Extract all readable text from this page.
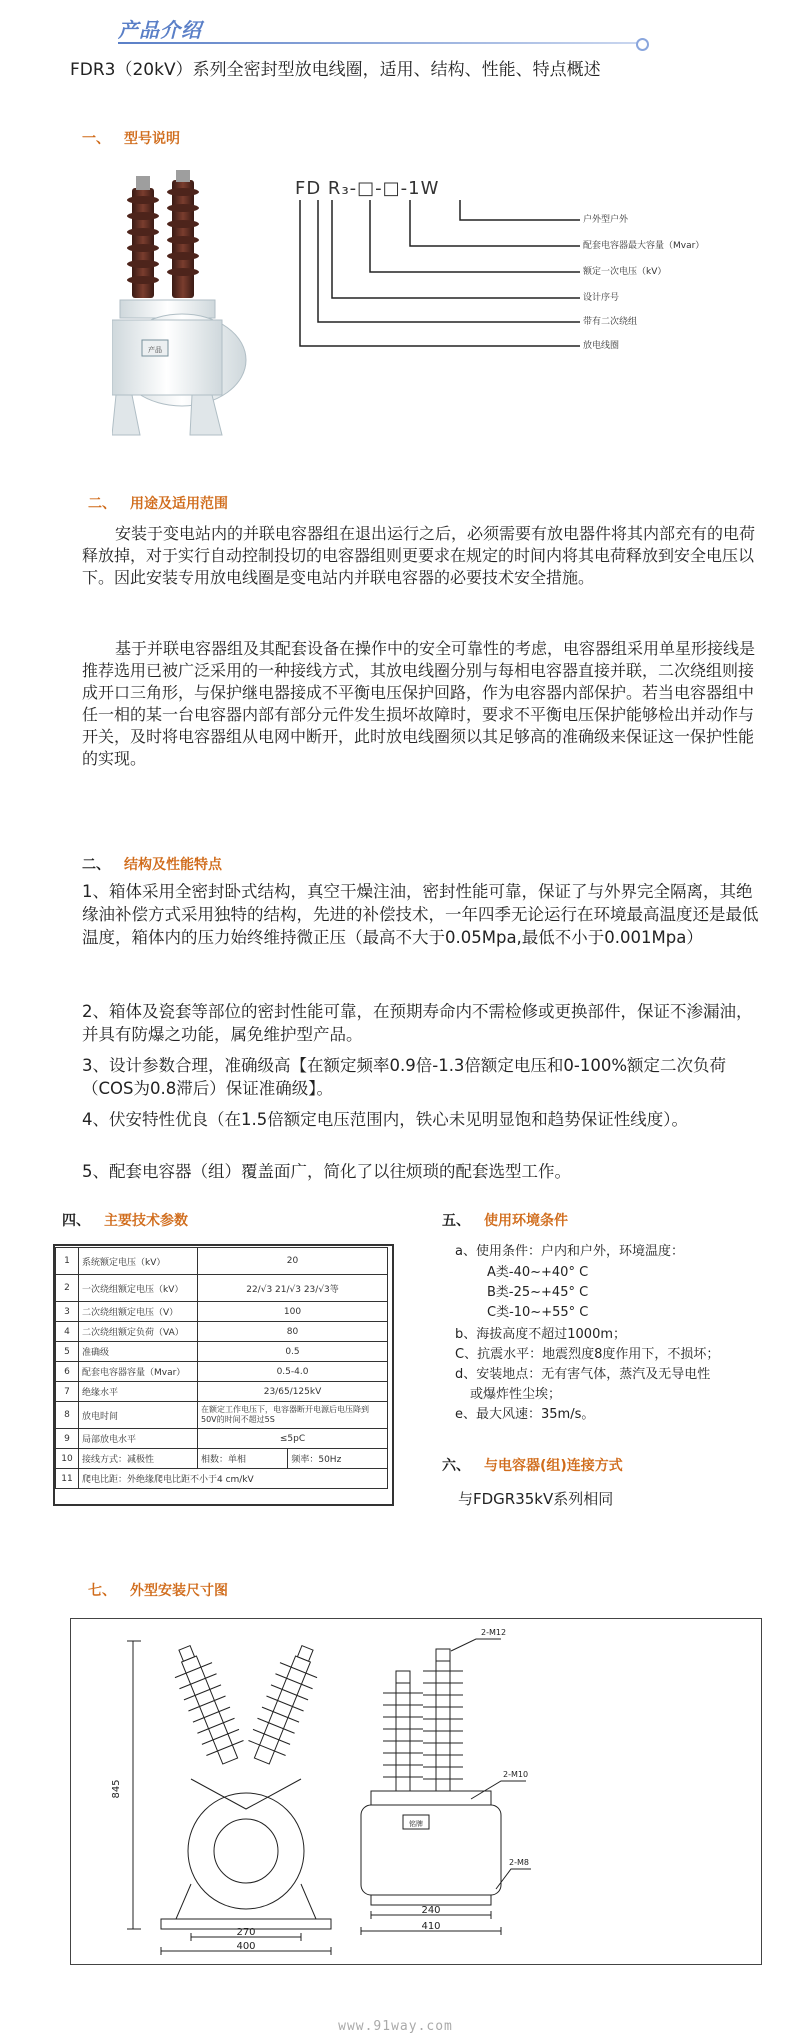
产品介绍
FDR3（20kV）系列全密封型放电线圈，适用、结构、性能、特点概述
一、 型号说明
产品
FD R₃-□-□-1W
户外型户外
配套电容器最大容量（Mvar）
额定一次电压（kV）
设计序号
带有二次绕组
放电线圈
二、 用途及适用范围
安装于变电站内的并联电容器组在退出运行之后，必须需要有放电器件将其内部充有的电荷释放掉，对于实行自动控制投切的电容器组则更要求在规定的时间内将其电荷释放到安全电压以下。因此安装专用放电线圈是变电站内并联电容器的必要技术安全措施。
基于并联电容器组及其配套设备在操作中的安全可靠性的考虑，电容器组采用单星形接线是推荐选用已被广泛采用的一种接线方式，其放电线圈分别与每相电容器直接并联，二次绕组则接成开口三角形，与保护继电器接成不平衡电压保护回路，作为电容器内部保护。若当电容器组中任一相的某一台电容器内部有部分元件发生损坏故障时，要求不平衡电压保护能够检出并动作与开关，及时将电容器组从电网中断开，此时放电线圈须以其足够高的准确级来保证这一保护性能的实现。
二、 结构及性能特点
1、箱体采用全密封卧式结构，真空干燥注油，密封性能可靠，保证了与外界完全隔离，其绝缘油补偿方式采用独特的结构，先进的补偿技术，一年四季无论运行在环境最高温度还是最低温度，箱体内的压力始终维持微正压（最高不大于0.05Mpa,最低不小于0.001Mpa）
2、箱体及瓷套等部位的密封性能可靠，在预期寿命内不需检修或更换部件，保证不渗漏油，并具有防爆之功能，属免维护型产品。
3、设计参数合理，准确级高【在额定频率0.9倍-1.3倍额定电压和0-100%额定二次负荷（COS为0.8滞后）保证准确级】。
4、伏安特性优良（在1.5倍额定电压范围内，铁心未见明显饱和趋势保证性线度）。
5、配套电容器（组）覆盖面广，简化了以往烦琐的配套选型工作。
四、 主要技术参数
1	系统额定电压（kV）	20	
2	一次绕组额定电压（kV）	22/√3 21/√3 23/√3等	
3	二次绕组额定电压（V）	100	
4	二次绕组额定负荷（VA）	80	
5	准确级	0.5	
6	配套电容器容量（Mvar）	0.5-4.0	
7	绝缘水平	23/65/125kV	
8	放电时间	在额定工作电压下，电容器断开电源后电压降到50V的时间不超过5S	
9	局部放电水平	≤5pC	
10	接线方式：减极性	相数：单相	频率：50Hz
11	爬电比距：外绝缘爬电比距不小于4 cm/kV		
五、 使用环境条件
a、使用条件：户内和户外，环境温度：
A类-40~+40° C
B类-25~+45° C
C类-10~+55° C
b、海拔高度不超过1000m；
C、抗震水平：地震烈度8度作用下，不损坏；
d、安装地点：无有害气体，蒸汽及无导电性
或爆炸性尘埃；
e、最大风速：35m/s。
六、 与电容器(组)连接方式
与FDGR35kV系列相同
七、 外型安装尺寸图
845
270
400
240
410
2-M12
2-M10
2-M8
铭牌
www.91way.com
